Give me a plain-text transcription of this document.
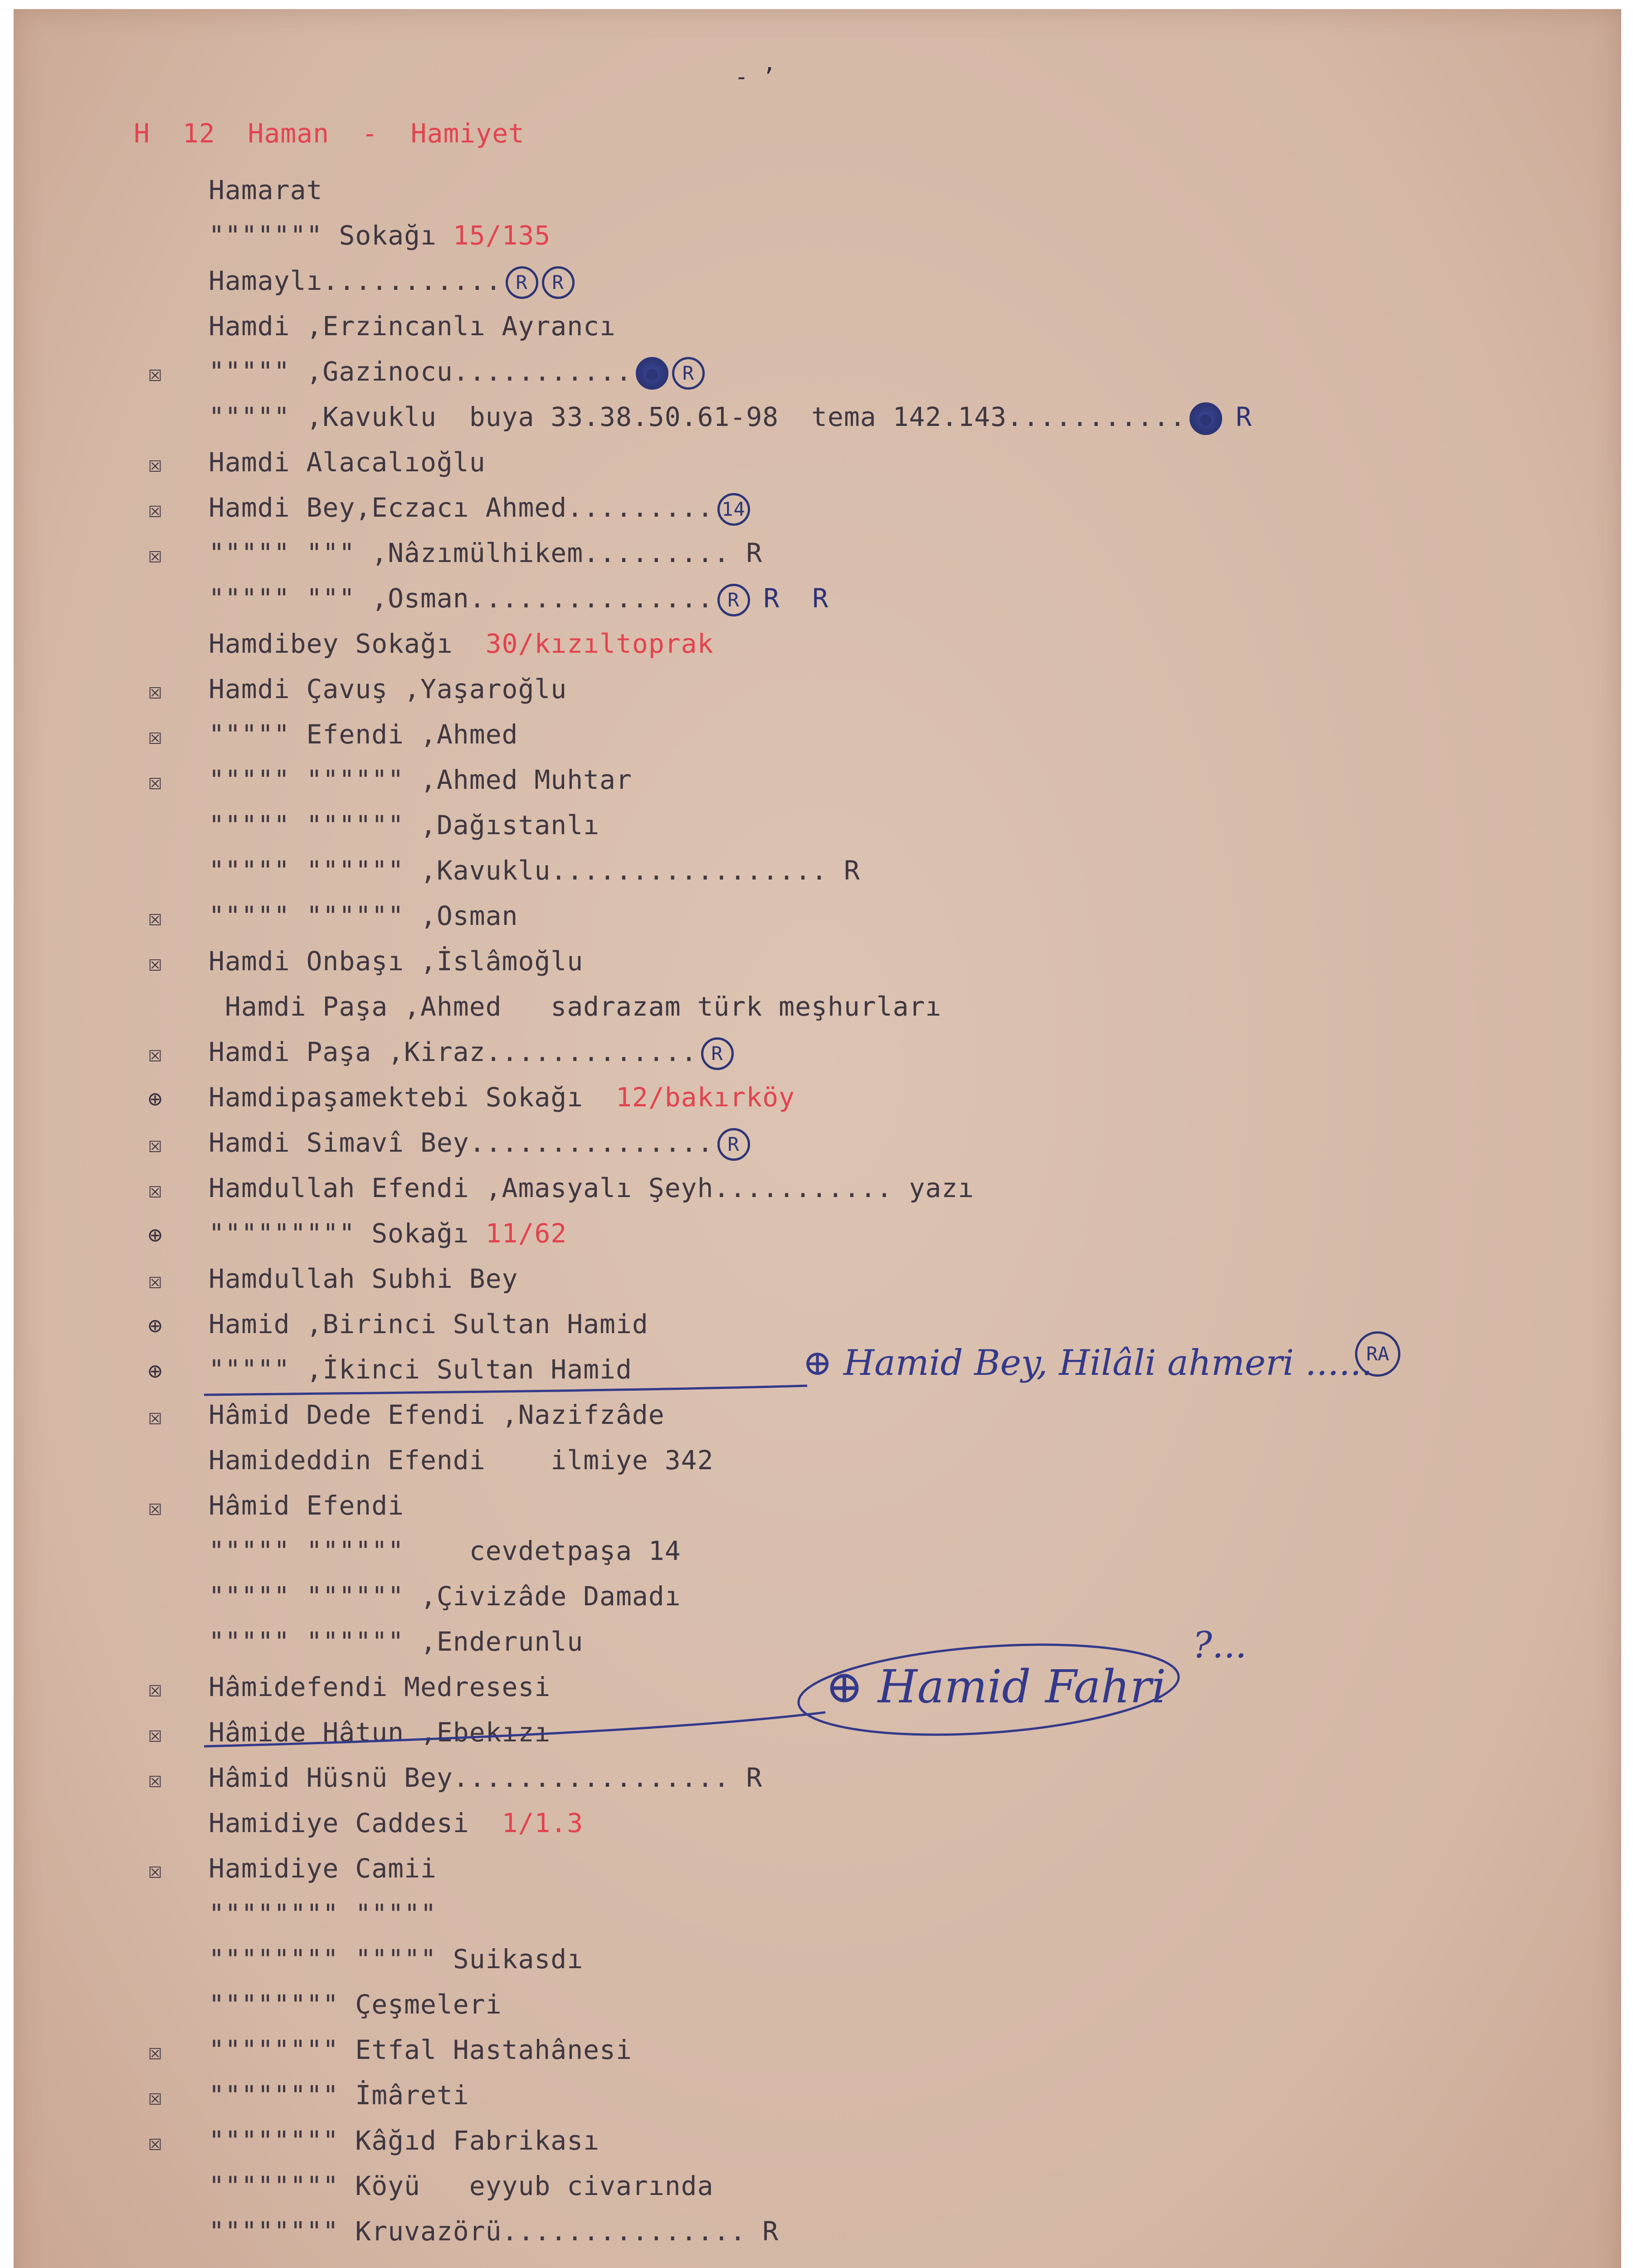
- ’
H  12  Haman  -  Hamiyet
Hamarat
""""""" Sokağı 15/135
Hamaylı........... R R
Hamdi ,Erzincanlı Ayrancı
☒ """"" ,Gazinocu........... ● R
""""" ,Kavuklu  buya 33.38.50.61-98  tema 142.143........... ● R
☒ Hamdi Alacalıoğlu
☒ Hamdi Bey,Eczacı Ahmed......... 14
☒ """"" """ ,Nâzımülhikem......... R
""""" """ ,Osman............... R R  R
Hamdibey Sokağı  30/kızıltoprak
☒ Hamdi Çavuş ,Yaşaroğlu
☒ """"" Efendi ,Ahmed
☒ """"" """""" ,Ahmed Muhtar
""""" """""" ,Dağıstanlı
""""" """""" ,Kavuklu................. R
☒ """"" """""" ,Osman
☒ Hamdi Onbaşı ,İslâmoğlu
Hamdi Paşa ,Ahmed   sadrazam türk meşhurları
☒ Hamdi Paşa ,Kiraz............. R
⊕ Hamdipaşamektebi Sokağı  12/bakırköy
☒ Hamdi Simavî Bey............... R
☒ Hamdullah Efendi ,Amasyalı Şeyh........... yazı
⊕ """"""""" Sokağı 11/62
☒ Hamdullah Subhi Bey
⊕ Hamid ,Birinci Sultan Hamid
⊕ """"" ,İkinci Sultan Hamid
☒ Hâmid Dede Efendi ,Nazifzâde
Hamideddin Efendi    ilmiye 342
☒ Hâmid Efendi
""""" """"""    cevdetpaşa 14
""""" """""" ,Çivizâde Damadı
""""" """""" ,Enderunlu
☒ Hâmidefendi Medresesi
☒ Hâmide Hâtun ,Ebekızı
☒ Hâmid Hüsnü Bey................. R
Hamidiye Caddesi  1/1.3
☒ Hamidiye Camii
"""""""" """""
"""""""" """"" Suikasdı
"""""""" Çeşmeleri
☒ """""""" Etfal Hastahânesi
☒ """""""" İmâreti
☒ """""""" Kâğıd Fabrikası
"""""""" Köyü   eyyub civarında
"""""""" Kruvazörü............... R
⊕ Hamid Bey, Hilâli ahmeri ......
RA
⊕ Hamid Fahri
?...
